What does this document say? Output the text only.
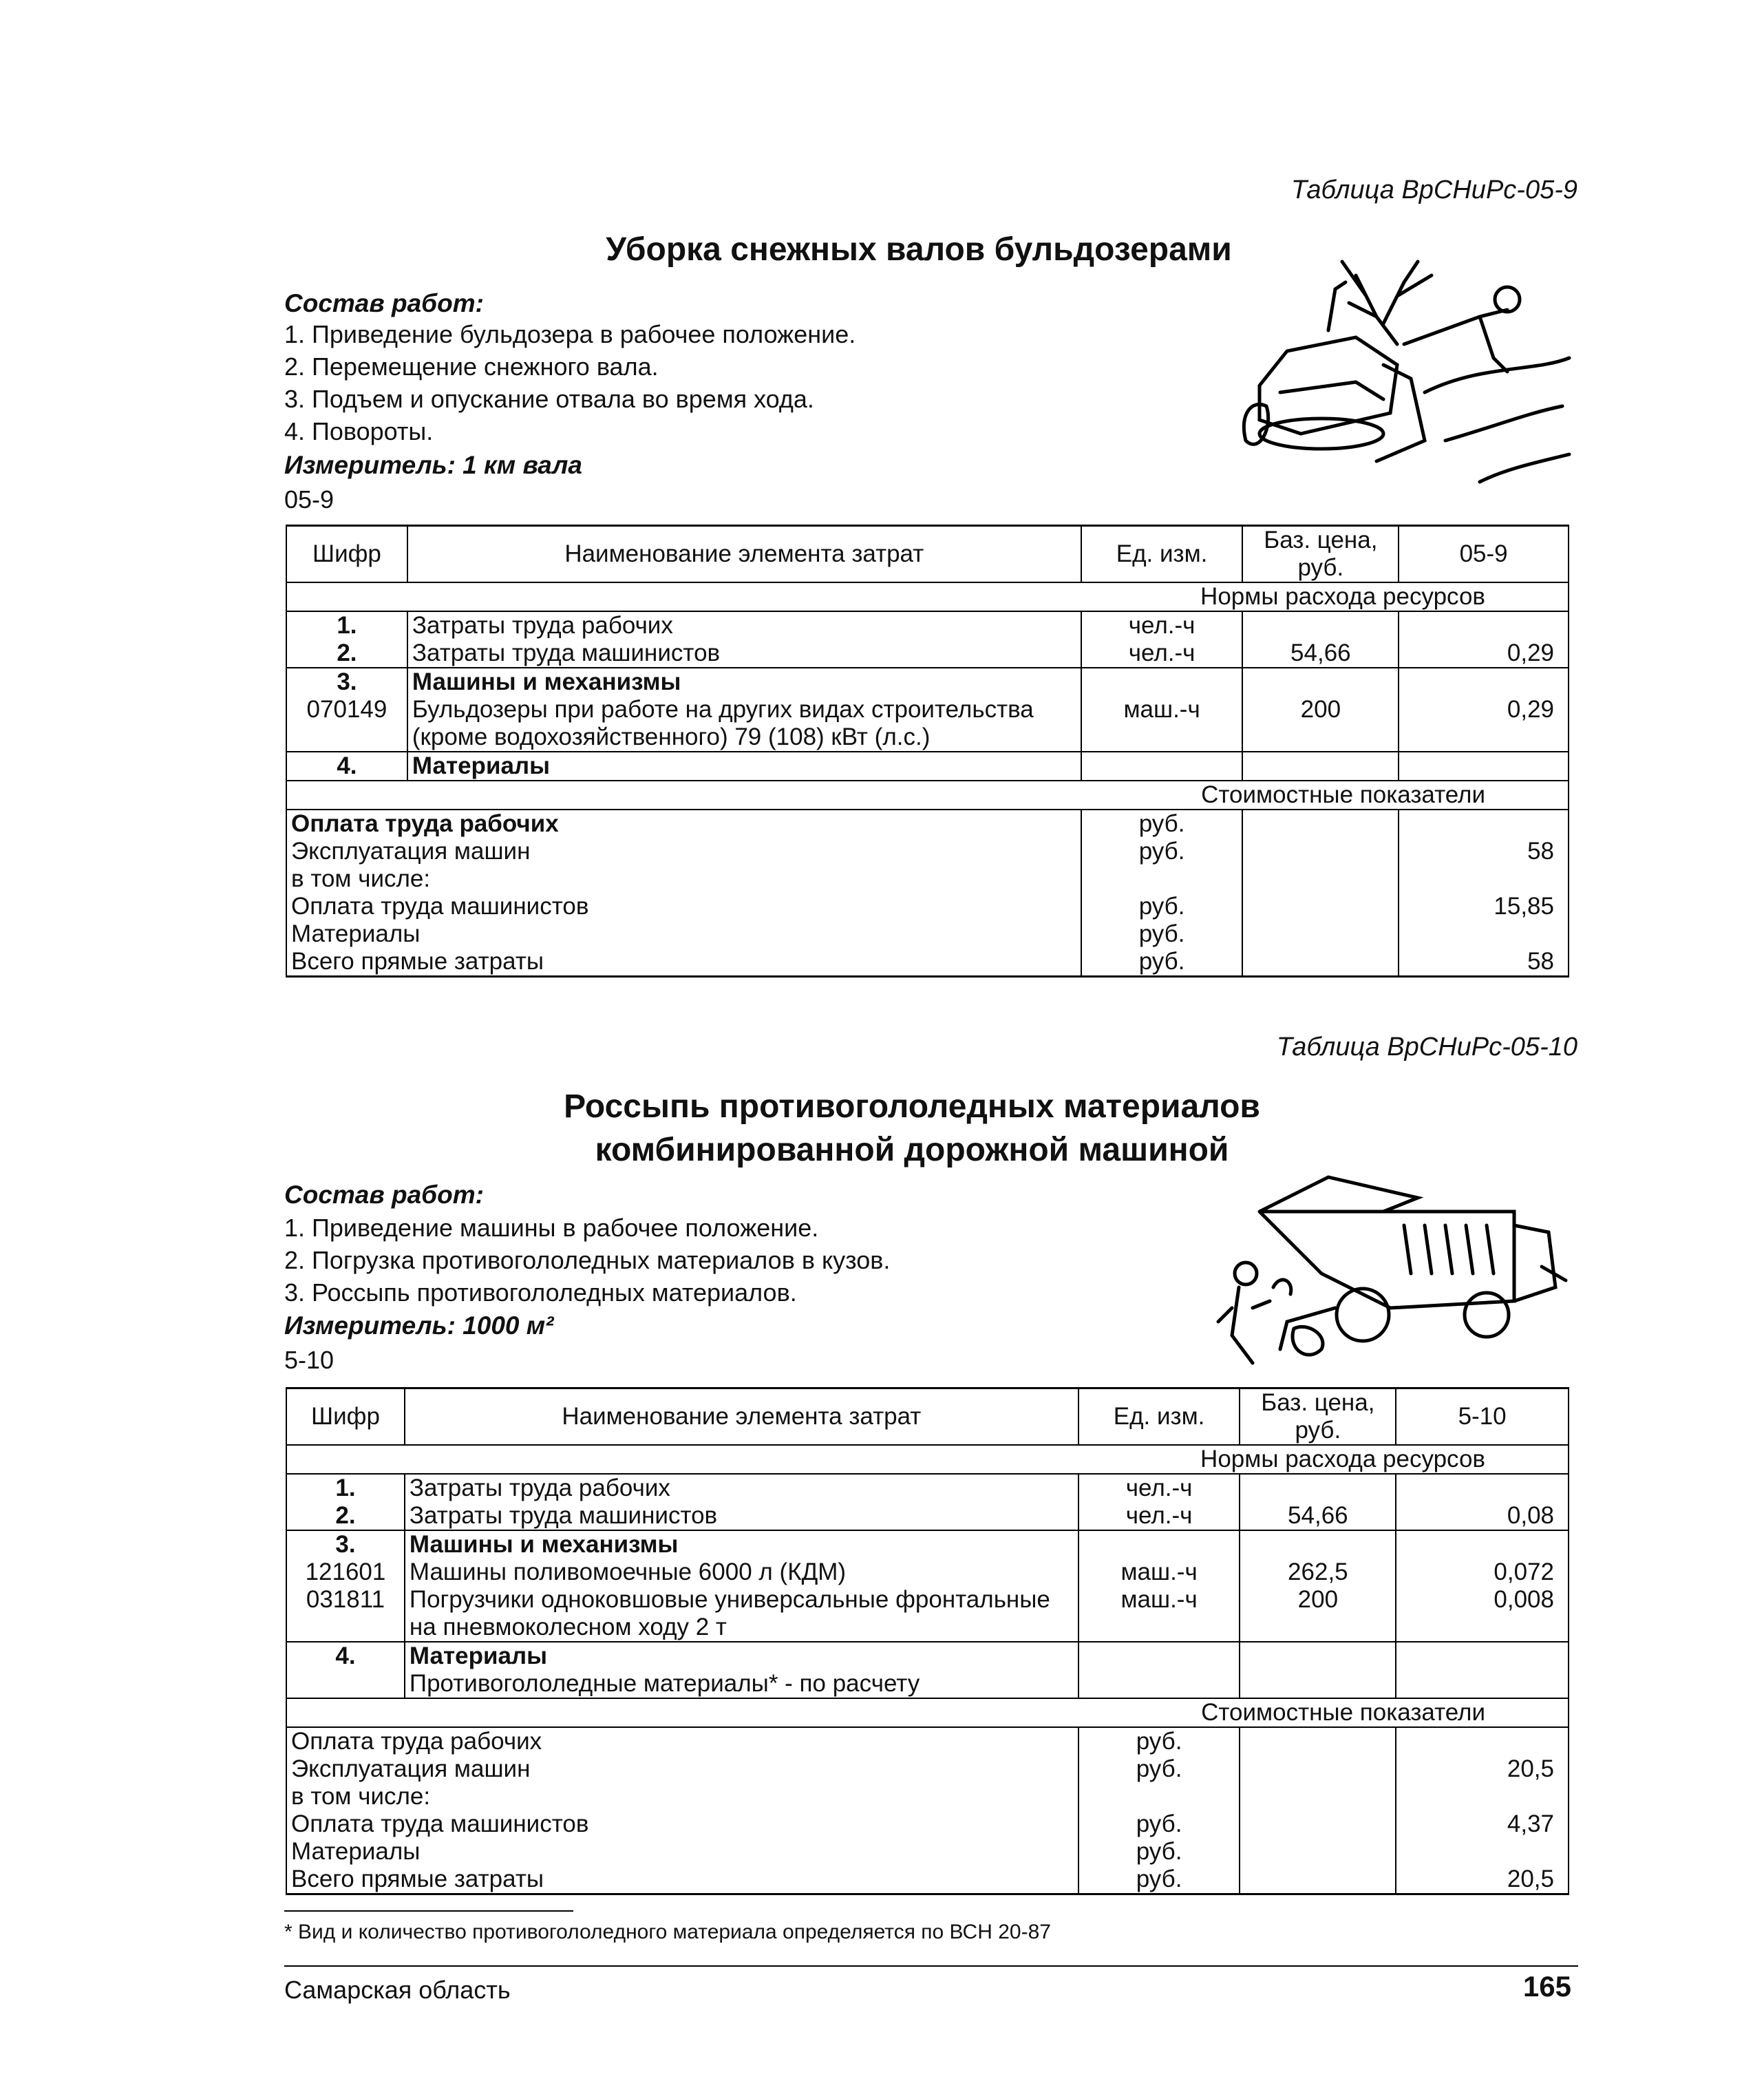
Таблица ВрСНиРс-05-9
Уборка снежных валов бульдозерами
Состав работ:
1. Приведение бульдозера в рабочее положение.
2. Перемещение снежного вала.
3. Подъем и опускание отвала во время хода.
4. Повороты.
Измеритель: 1 км вала
05-9
Шифр	Наименование элемента затрат	Ед. изм.	Баз. цена,
руб.	05-9
Нормы расхода ресурсов				
1.	Затраты труда рабочих	чел.-ч		
2.	Затраты труда машинистов	чел.-ч	54,66	0,29
3.	Машины и механизмы			
070149	Бульдозеры при работе на других видах строительства
(кроме водохозяйственного) 79 (108) кВт (л.с.)	маш.-ч	200	0,29
4.	Материалы			
Стоимостные показатели				
Оплата труда рабочих		руб.		
Эксплуатация машин		руб.		58
в том числе:				
Оплата труда машинистов		руб.		15,85
Материалы		руб.		
Всего прямые затраты		руб.		58
Таблица ВрСНиРс-05-10
Россыпь противогололедных материалов
комбинированной дорожной машиной
Состав работ:
1. Приведение машины в рабочее положение.
2. Погрузка противогололедных материалов в кузов.
3. Россыпь противогололедных материалов.
Измеритель: 1000 м²
5-10
Шифр	Наименование элемента затрат	Ед. изм.	Баз. цена,
руб.	5-10
Нормы расхода ресурсов				
1.	Затраты труда рабочих	чел.-ч		
2.	Затраты труда машинистов	чел.-ч	54,66	0,08
3.	Машины и механизмы			
121601	Машины поливомоечные 6000 л (КДМ)	маш.-ч	262,5	0,072
031811	Погрузчики одноковшовые универсальные фронтальные
на пневмоколесном ходу 2 т	маш.-ч	200	0,008
4.	Материалы
Противогололедные материалы* - по расчету			
Стоимостные показатели				
Оплата труда рабочих		руб.		
Эксплуатация машин		руб.		20,5
в том числе:				
Оплата труда машинистов		руб.		4,37
Материалы		руб.		
Всего прямые затраты		руб.		20,5
* Вид и количество противогололедного материала определяется по ВСН 20-87
Самарская область	165
